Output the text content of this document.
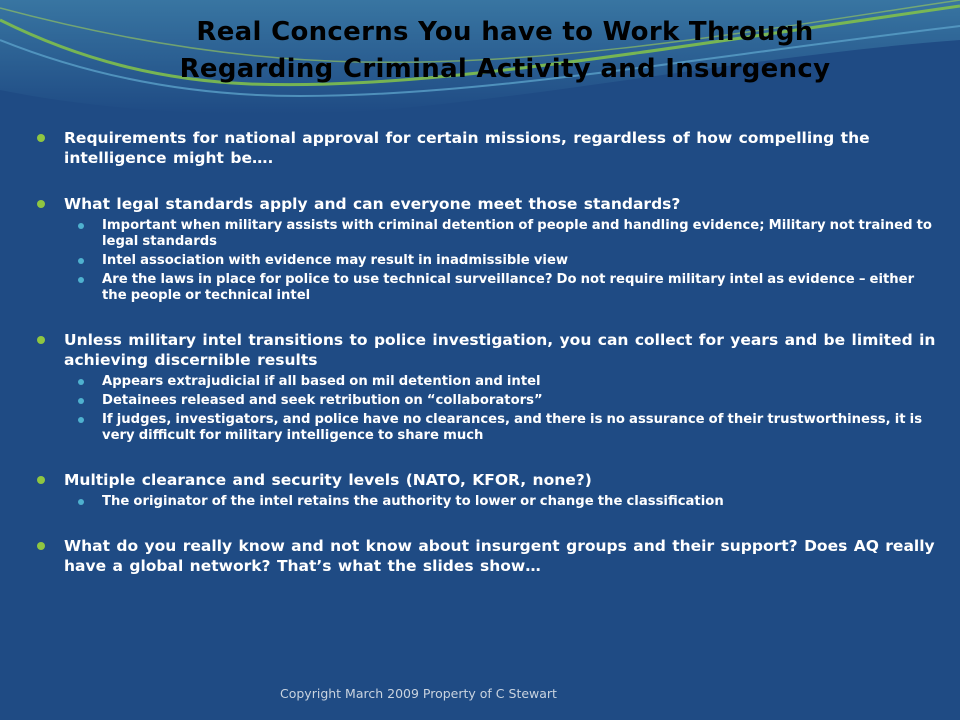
Real Concerns You have to Work Through
Regarding Criminal Activity and Insurgency
Requirements for national approval for certain missions, regardless of how compelling the intelligence might be….
What legal standards apply and can everyone meet those standards?
Important when military assists with criminal detention of people and handling evidence; Military not trained to legal standards
Intel association with evidence may result in inadmissible view
Are the laws in place for police to use technical surveillance? Do not require military intel as evidence – either the people or technical intel
Unless military intel transitions to police investigation, you can collect for years and be limited in achieving discernible results
Appears extrajudicial if all based on mil detention and intel
Detainees released and seek retribution on “collaborators”
If judges, investigators, and police have no clearances, and there is no assurance of their trustworthiness, it is very difficult for military intelligence to share much
Multiple clearance and security levels (NATO, KFOR, none?)
The originator of the intel retains the authority to lower or change the classification
What do you really know and not know about insurgent groups and their support? Does AQ really have a global network? That’s what the slides show…
Copyright March 2009 Property of C Stewart
